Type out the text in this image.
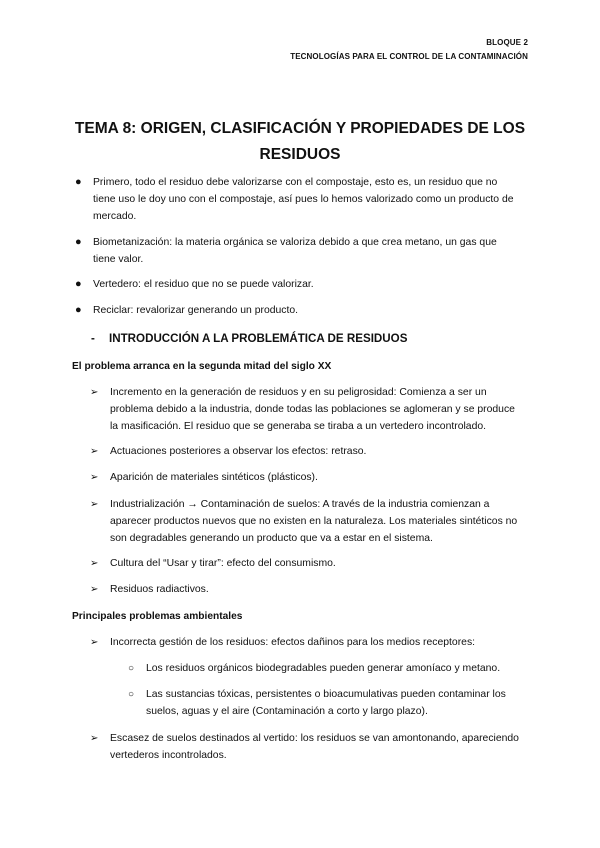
BLOQUE 2
TECNOLOGÍAS PARA EL CONTROL DE LA CONTAMINACIÓN
TEMA 8: ORIGEN, CLASIFICACIÓN Y PROPIEDADES DE LOS
RESIDUOS
● Primero, todo el residuo debe valorizarse con el compostaje, esto es, un residuo que no
tiene uso le doy uno con el compostaje, así pues lo hemos valorizado como un producto de
mercado.
● Biometanización: la materia orgánica se valoriza debido a que crea metano, un gas que
tiene valor.
● Vertedero: el residuo que no se puede valorizar.
● Reciclar: revalorizar generando un producto.
- INTRODUCCIÓN A LA PROBLEMÁTICA DE RESIDUOS
El problema arranca en la segunda mitad del siglo XX
➢ Incremento en la generación de residuos y en su peligrosidad: Comienza a ser un
problema debido a la industria, donde todas las poblaciones se aglomeran y se produce
la masificación. El residuo que se generaba se tiraba a un vertedero incontrolado.
➢ Actuaciones posteriores a observar los efectos: retraso.
➢ Aparición de materiales sintéticos (plásticos).
➢ Industrialización → Contaminación de suelos: A través de la industria comienzan a
aparecer productos nuevos que no existen en la naturaleza. Los materiales sintéticos no
son degradables generando un producto que va a estar en el sistema.
➢ Cultura del “Usar y tirar”: efecto del consumismo.
➢ Residuos radiactivos.
Principales problemas ambientales
➢ Incorrecta gestión de los residuos: efectos dañinos para los medios receptores:
○ Los residuos orgánicos biodegradables pueden generar amoníaco y metano.
○ Las sustancias tóxicas, persistentes o bioacumulativas pueden contaminar los
suelos, aguas y el aire (Contaminación a corto y largo plazo).
➢ Escasez de suelos destinados al vertido: los residuos se van amontonando, apareciendo
vertederos incontrolados.
